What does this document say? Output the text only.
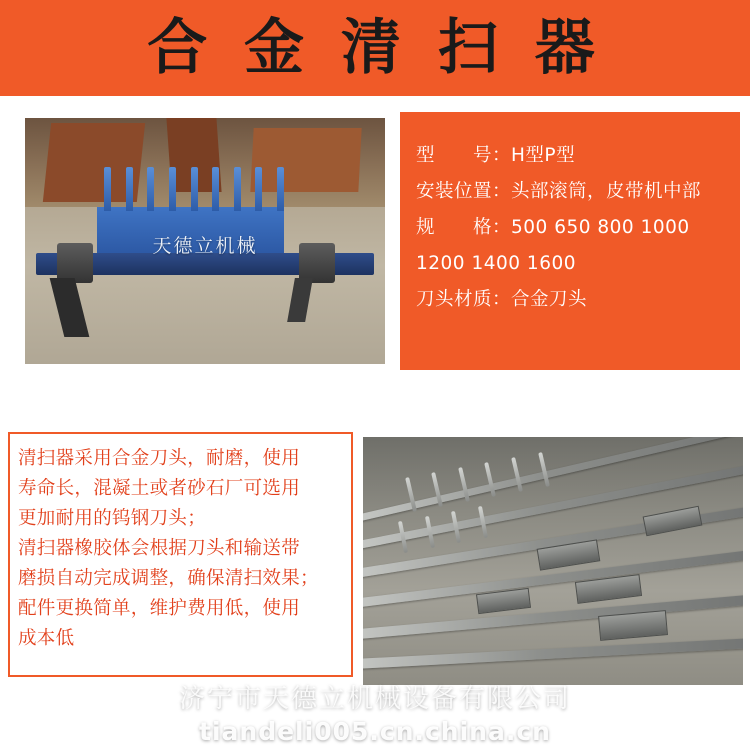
合 金 清 扫 器
天德立机械
型　　号：H型P型
安装位置：头部滚筒，皮带机中部
规　　格：500 650 800 1000
1200 1400 1600
刀头材质：合金刀头
清扫器采用合金刀头，耐磨，使用
寿命长，混凝土或者砂石厂可选用
更加耐用的钨钢刀头；
清扫器橡胶体会根据刀头和输送带
磨损自动完成调整，确保清扫效果；
配件更换简单，维护费用低，使用
成本低
济宁市天德立机械设备有限公司
tiandeli005.cn.china.cn
